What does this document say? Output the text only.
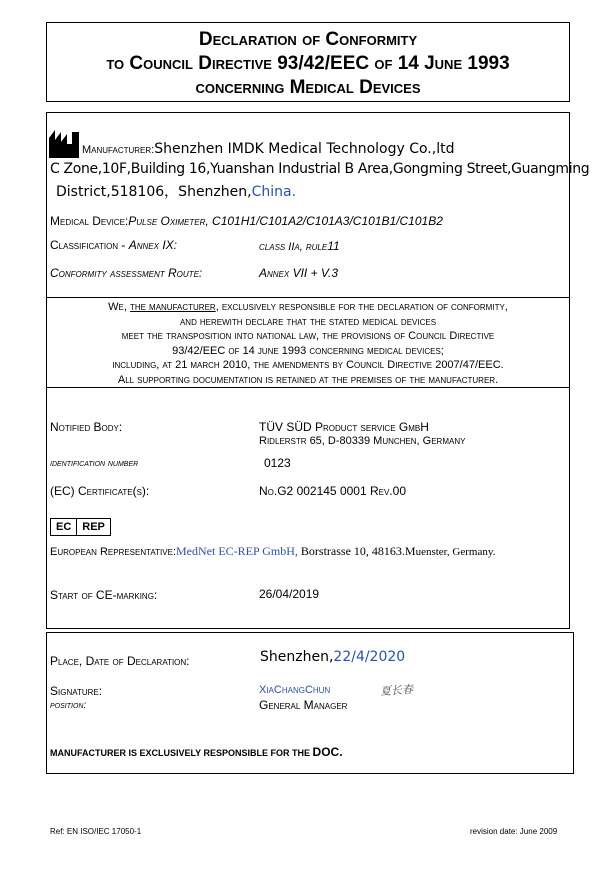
Declaration of Conformity
to Council Directive 93/42/EEC of 14 June 1993
concerning Medical Devices
Manufacturer:Shenzhen IMDK Medical Technology Co.,ltd
C Zone,10F,Building 16,Yuanshan Industrial B Area,Gongming Street,Guangming
District,518106，Shenzhen,China.
Medical Device:Pulse Oximeter, C101H1/C101A2/C101A3/C101B1/C101B2
Classification - Annex IX:	class IIa, rule11
Conformity assessment Route:	Annex VII + V.3
We, the manufacturer, exclusively responsible for the declaration of conformity,
and herewith declare that the stated medical devices
meet the transposition into national law, the provisions of Council Directive
93/42/EEC of 14 june 1993 concerning medical devices;
including, at 21 march 2010, the amendments by Council Directive 2007/47/EEC.
All supporting documentation is retained at the premises of the manufacturer.
Notified Body:	TÜV SÜD Product service GmbH
Ridlerstr 65, D-80339 Munchen, Germany
identification number	0123
(EC) Certificate(s):	No.G2 002145 0001 Rev.00
EC	REP
European Representative:MedNet EC-REP GmbH, Borstrasse 10, 48163.Muenster, Germany.
Start of CE-marking:	26/04/2019
Place, Date of Declaration:	Shenzhen,22/4/2020
Signature:	XiaChangChun	夏长春
position:	General Manager
MANUFACTURER IS EXCLUSIVELY RESPONSIBLE FOR THE DOC.
Ref: EN ISO/IEC 17050-1	revision date: June 2009
